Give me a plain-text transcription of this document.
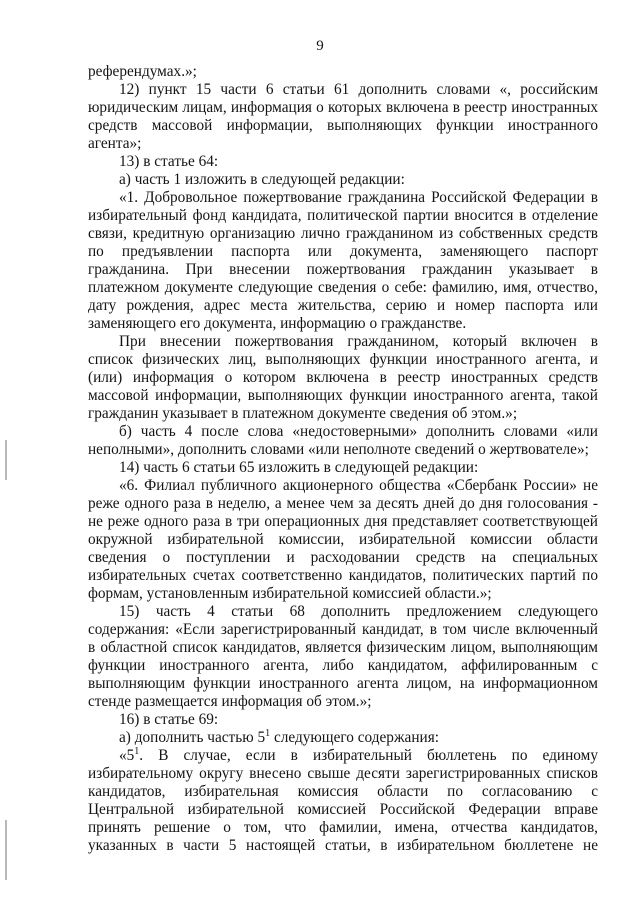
9
референдумах.»;
12) пункт 15 части 6 статьи 61 дополнить словами «, российским
юридическим лицам, информация о которых включена в реестр иностранных
средств массовой информации, выполняющих функции иностранного
агента»;
13) в статье 64:
а) часть 1 изложить в следующей редакции:
«1. Добровольное пожертвование гражданина Российской Федерации в
избирательный фонд кандидата, политической партии вносится в отделение
связи, кредитную организацию лично гражданином из собственных средств
по предъявлении паспорта или документа, заменяющего паспорт
гражданина. При внесении пожертвования гражданин указывает в
платежном документе следующие сведения о себе: фамилию, имя, отчество,
дату рождения, адрес места жительства, серию и номер паспорта или
заменяющего его документа, информацию о гражданстве.
При внесении пожертвования гражданином, который включен в
список физических лиц, выполняющих функции иностранного агента, и
(или) информация о котором включена в реестр иностранных средств
массовой информации, выполняющих функции иностранного агента, такой
гражданин указывает в платежном документе сведения об этом.»;
б) часть 4 после слова «недостоверными» дополнить словами «или
неполными», дополнить словами «или неполноте сведений о жертвователе»;
14) часть 6 статьи 65 изложить в следующей редакции:
«6. Филиал публичного акционерного общества «Сбербанк России» не
реже одного раза в неделю, а менее чем за десять дней до дня голосования -
не реже одного раза в три операционных дня представляет соответствующей
окружной избирательной комиссии, избирательной комиссии области
сведения о поступлении и расходовании средств на специальных
избирательных счетах соответственно кандидатов, политических партий по
формам, установленным избирательной комиссией области.»;
15) часть 4 статьи 68 дополнить предложением следующего
содержания: «Если зарегистрированный кандидат, в том числе включенный
в областной список кандидатов, является физическим лицом, выполняющим
функции иностранного агента, либо кандидатом, аффилированным с
выполняющим функции иностранного агента лицом, на информационном
стенде размещается информация об этом.»;
16) в статье 69:
а) дополнить частью $5^1$ следующего содержания:
«$5^1$. В случае, если в избирательный бюллетень по единому
избирательному округу внесено свыше десяти зарегистрированных списков
кандидатов, избирательная комиссия области по согласованию с
Центральной избирательной комиссией Российской Федерации вправе
принять решение о том, что фамилии, имена, отчества кандидатов,
указанных в части 5 настоящей статьи, в избирательном бюллетене не
